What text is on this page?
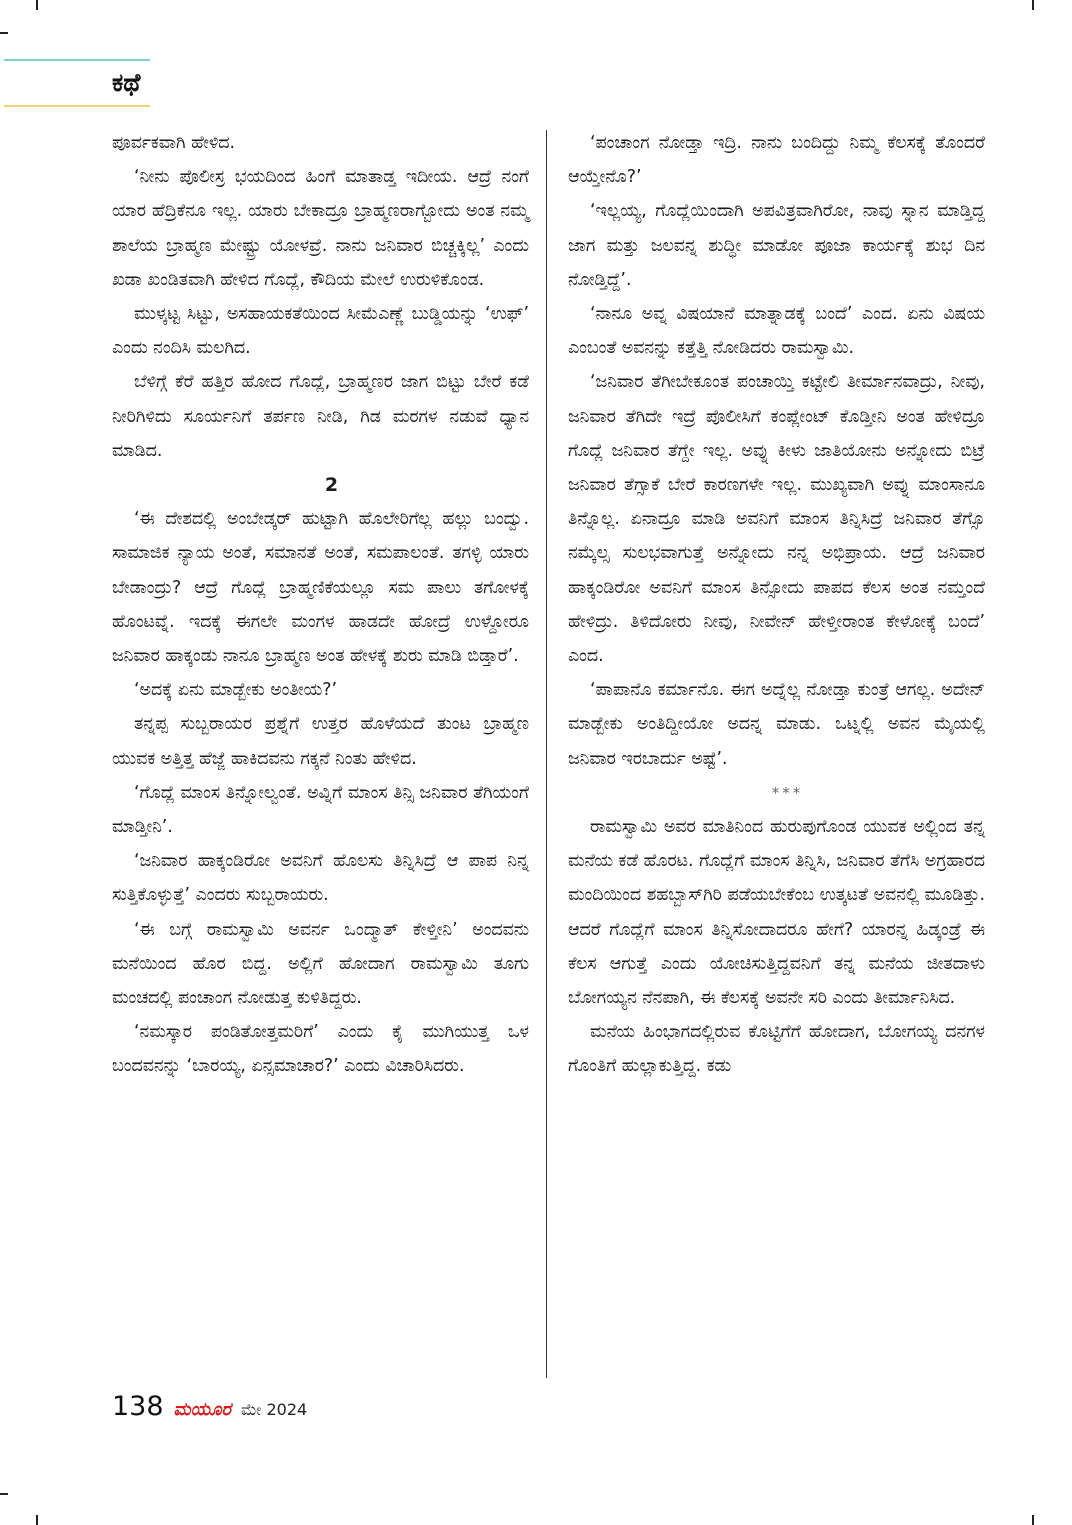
ಕಥೆ

ಪೂರ್ವಕವಾಗಿ ಹೇಳಿದ.

‘ನೀನು ಪೊಲೀಸ್ರ ಭಯದಿಂದ ಹಿಂಗೆ ಮಾತಾಡ್ತ ಇದೀಯ. ಆದ್ರೆ ನಂಗೆ ಯಾರ ಹೆದ್ರಿಕೆನೂ ಇಲ್ಲ. ಯಾರು ಬೇಕಾದ್ರೂ ಬ್ರಾಹ್ಮಣರಾಗ್ಬೋದು ಅಂತ ನಮ್ಮ ಶಾಲೆಯ ಬ್ರಾಹ್ಮಣ ಮೇಷ್ಟ್ರು ಯೋಳವ್ರೆ. ನಾನು ಜನಿವಾರ ಬಿಚ್ಚಕ್ಕಿಲ್ಲ’ ಎಂದು ಖಡಾ ಖಂಡಿತವಾಗಿ ಹೇಳಿದ ಗೊದ್ಲೆ, ಕೌದಿಯ ಮೇಲೆ ಉರುಳಿಕೊಂಡ.

ಮುಳ್ಕಟ್ಟ ಸಿಟ್ಟು, ಅಸಹಾಯಕತೆಯಿಂದ ಸೀಮೆಎಣ್ಣೆ ಬುಡ್ಡಿಯನ್ನು ‘ಉಫ್’ ಎಂದು ನಂದಿಸಿ ಮಲಗಿದ.

ಬೆಳಿಗ್ಗೆ ಕೆರೆ ಹತ್ತಿರ ಹೋದ ಗೊದ್ಲೆ, ಬ್ರಾಹ್ಮಣರ ಜಾಗ ಬಿಟ್ಟು ಬೇರೆ ಕಡೆ ನೀರಿಗಿಳಿದು ಸೂರ್ಯನಿಗೆ ತರ್ಪಣ ನೀಡಿ, ಗಿಡ ಮರಗಳ ನಡುವೆ ಧ್ಯಾನ ಮಾಡಿದ.

2

‘ಈ ದೇಶದಲ್ಲಿ ಅಂಬೇಡ್ಕರ್ ಹುಟ್ಟಾಗಿ ಹೊಲೇರಿಗೆಲ್ಲ ಹಲ್ಲು ಬಂದ್ವು. ಸಾಮಾಜಿಕ ನ್ಯಾಯ ಅಂತೆ, ಸಮಾನತೆ ಅಂತೆ, ಸಮಪಾಲಂತೆ. ತಗಳ್ಳಿ ಯಾರು ಬೇಡಾಂದ್ರು? ಆದ್ರೆ ಗೊದ್ಲೆ ಬ್ರಾಹ್ಮಣಿಕೆಯಲ್ಲೂ ಸಮ ಪಾಲು ತಗೋಳಕ್ಕೆ ಹೊಂಟವ್ನೆ. ಇದಕ್ಕೆ ಈಗಲೇ ಮಂಗಳ ಹಾಡದೇ ಹೋದ್ರೆ ಉಳ್ದೋರೂ ಜನಿವಾರ ಹಾಕ್ಕಂಡು ನಾನೂ ಬ್ರಾಹ್ಮಣ ಅಂತ ಹೇಳಕ್ಕೆ ಶುರು ಮಾಡಿ ಬಿಡ್ತಾರೆ’.

‘ಅದಕ್ಕೆ ಏನು ಮಾಡ್ಬೇಕು ಅಂತೀಯ?’

ತನ್ನಪ್ಪ ಸುಬ್ಬರಾಯರ ಪ್ರಶ್ನೆಗೆ ಉತ್ತರ ಹೊಳೆಯದೆ ತುಂಟ ಬ್ರಾಹ್ಮಣ ಯುವಕ ಅತ್ತಿತ್ತ ಹೆಜ್ಜೆ ಹಾಕಿದವನು ಗಕ್ಕನೆ ನಿಂತು ಹೇಳಿದ.

‘ಗೊದ್ಲೆ ಮಾಂಸ ತಿನ್ನೋಲ್ವಂತೆ. ಅವ್ನಿಗೆ ಮಾಂಸ ತಿನ್ಸಿ ಜನಿವಾರ ತೆಗಿಯಂಗೆ ಮಾಡ್ತೀನಿ’.

‘ಜನಿವಾರ ಹಾಕ್ಕಂಡಿರೋ ಅವನಿಗೆ ಹೊಲಸು ತಿನ್ನಿಸಿದ್ರೆ ಆ ಪಾಪ ನಿನ್ನ ಸುತ್ತಿಕೊಳ್ಳುತ್ತೆ’ ಎಂದರು ಸುಬ್ಬರಾಯರು.

‘ಈ ಬಗ್ಗೆ ರಾಮಸ್ವಾಮಿ ಅವರ್ನ ಒಂದ್ಮಾತ್ ಕೇಳ್ತೀನಿ’ ಅಂದವನು ಮನೆಯಿಂದ ಹೊರ ಬಿದ್ದ. ಅಲ್ಲಿಗೆ ಹೋದಾಗ ರಾಮಸ್ವಾಮಿ ತೂಗು ಮಂಚದಲ್ಲಿ ಪಂಚಾಂಗ ನೋಡುತ್ತ ಕುಳಿತಿದ್ದರು.

‘ನಮಸ್ಕಾರ ಪಂಡಿತೋತ್ತಮರಿಗೆ’ ಎಂದು ಕೈ ಮುಗಿಯುತ್ತ ಒಳ ಬಂದವನನ್ನು ‘ಬಾರಯ್ಯ, ಏನ್ಸಮಾಚಾರ?’ ಎಂದು ವಿಚಾರಿಸಿದರು.

‘ಪಂಚಾಂಗ ನೋಡ್ತಾ ಇದ್ರಿ. ನಾನು ಬಂದಿದ್ದು ನಿಮ್ಮ ಕೆಲಸಕ್ಕೆ ತೊಂದರೆ ಆಯ್ತೇನೊ?’

‘ಇಲ್ಲಯ್ಯ, ಗೊದ್ಲೆಯಿಂದಾಗಿ ಅಪವಿತ್ರವಾಗಿರೋ, ನಾವು ಸ್ನಾನ ಮಾಡ್ತಿದ್ದ ಜಾಗ ಮತ್ತು ಜಲವನ್ನ ಶುದ್ಧೀ ಮಾಡೋ ಪೂಜಾ ಕಾರ್ಯಕ್ಕೆ ಶುಭ ದಿನ ನೋಡ್ತಿದ್ದೆ’.

‘ನಾನೂ ಅವ್ನ ವಿಷಯಾನೆ ಮಾತ್ನಾಡಕ್ಕೆ ಬಂದೆ’ ಎಂದ. ಏನು ವಿಷಯ ಎಂಬಂತೆ ಅವನನ್ನು ಕತ್ತೆತ್ತಿ ನೋಡಿದರು ರಾಮಸ್ವಾಮಿ.

‘ಜನಿವಾರ ತೆಗೀಬೇಕೂಂತ ಪಂಚಾಯ್ತಿ ಕಟ್ಟೇಲಿ ತೀರ್ಮಾನವಾದ್ರು, ನೀವು, ಜನಿವಾರ ತೆಗಿದೇ ಇದ್ರೆ ಪೊಲೀಸಿಗೆ ಕಂಪ್ಲೇಂಟ್ ಕೊಡ್ತೀನಿ ಅಂತ ಹೇಳಿದ್ರೂ ಗೊದ್ಲೆ ಜನಿವಾರ ತೆಗ್ದೇ ಇಲ್ಲ. ಅವ್ನು ಕೀಳು ಜಾತಿಯೋನು ಅನ್ನೋದು ಬಿಟ್ರೆ ಜನಿವಾರ ತೆಗ್ಸಾಕೆ ಬೇರೆ ಕಾರಣಗಳೇ ಇಲ್ಲ. ಮುಖ್ಯವಾಗಿ ಅವ್ನು ಮಾಂಸಾನೂ ತಿನ್ನೊಲ್ಲ. ಏನಾದ್ರೂ ಮಾಡಿ ಅವನಿಗೆ ಮಾಂಸ ತಿನ್ನಿಸಿದ್ರೆ ಜನಿವಾರ ತೆಗ್ಸೊ ನಮ್ಕೆಲ್ಸ ಸುಲಭವಾಗುತ್ತೆ ಅನ್ನೋದು ನನ್ನ ಅಭಿಪ್ರಾಯ. ಆದ್ರೆ ಜನಿವಾರ ಹಾಕ್ಕಂಡಿರೋ ಅವನಿಗೆ ಮಾಂಸ ತಿನ್ಸೋದು ಪಾಪದ ಕೆಲಸ ಅಂತ ನಮ್ತಂದೆ ಹೇಳಿದ್ರು. ತಿಳಿದೋರು ನೀವು, ನೀವೇನ್ ಹೇಳ್ತೀರಾಂತ ಕೇಳೋಕ್ಕೆ ಬಂದೆ’ ಎಂದ.

‘ಪಾಪಾನೊ ಕರ್ಮಾನೊ. ಈಗ ಅದ್ನೆಲ್ಲ ನೋಡ್ತಾ ಕುಂತ್ರೆ ಆಗಲ್ಲ. ಅದೇನ್ ಮಾಡ್ಬೇಕು ಅಂತಿದ್ದೀಯೋ ಅದನ್ನ ಮಾಡು. ಒಟ್ನಲ್ಲಿ ಅವನ ಮೈಯಲ್ಲಿ ಜನಿವಾರ ಇರಬಾರ್ದು ಅಷ್ಟೆ’.

***

ರಾಮಸ್ವಾಮಿ ಅವರ ಮಾತಿನಿಂದ ಹುರುಪುಗೊಂಡ ಯುವಕ ಅಲ್ಲಿಂದ ತನ್ನ ಮನೆಯ ಕಡೆ ಹೊರಟ. ಗೊದ್ಲೆಗೆ ಮಾಂಸ ತಿನ್ನಿಸಿ, ಜನಿವಾರ ತೆಗೆಸಿ ಅಗ್ರಹಾರದ ಮಂದಿಯಿಂದ ಶಹಬ್ಬಾಸ್‌ಗಿರಿ ಪಡೆಯಬೇಕೆಂಬ ಉತ್ಕಟತೆ ಅವನಲ್ಲಿ ಮೂಡಿತ್ತು. ಆದರೆ ಗೊದ್ಲೆಗೆ ಮಾಂಸ ತಿನ್ನಿಸೋದಾದರೂ ಹೇಗೆ? ಯಾರನ್ನ ಹಿಡ್ಕಂಡ್ರೆ ಈ ಕೆಲಸ ಆಗುತ್ತೆ ಎಂದು ಯೋಚಿಸುತ್ತಿದ್ದವನಿಗೆ ತನ್ನ ಮನೆಯ ಜೀತದಾಳು ಬೋಗಯ್ಯನ ನೆನಪಾಗಿ, ಈ ಕೆಲಸಕ್ಕೆ ಅವನೇ ಸರಿ ಎಂದು ತೀರ್ಮಾನಿಸಿದ.

ಮನೆಯ ಹಿಂಭಾಗದಲ್ಲಿರುವ ಕೊಟ್ಟಿಗೆಗೆ ಹೋದಾಗ, ಬೋಗಯ್ಯ ದನಗಳ ಗೊಂತಿಗೆ ಹುಲ್ಲಾಕುತ್ತಿದ್ದ. ಕಡು

138 ಮಯೂರ ಮೇ 2024
